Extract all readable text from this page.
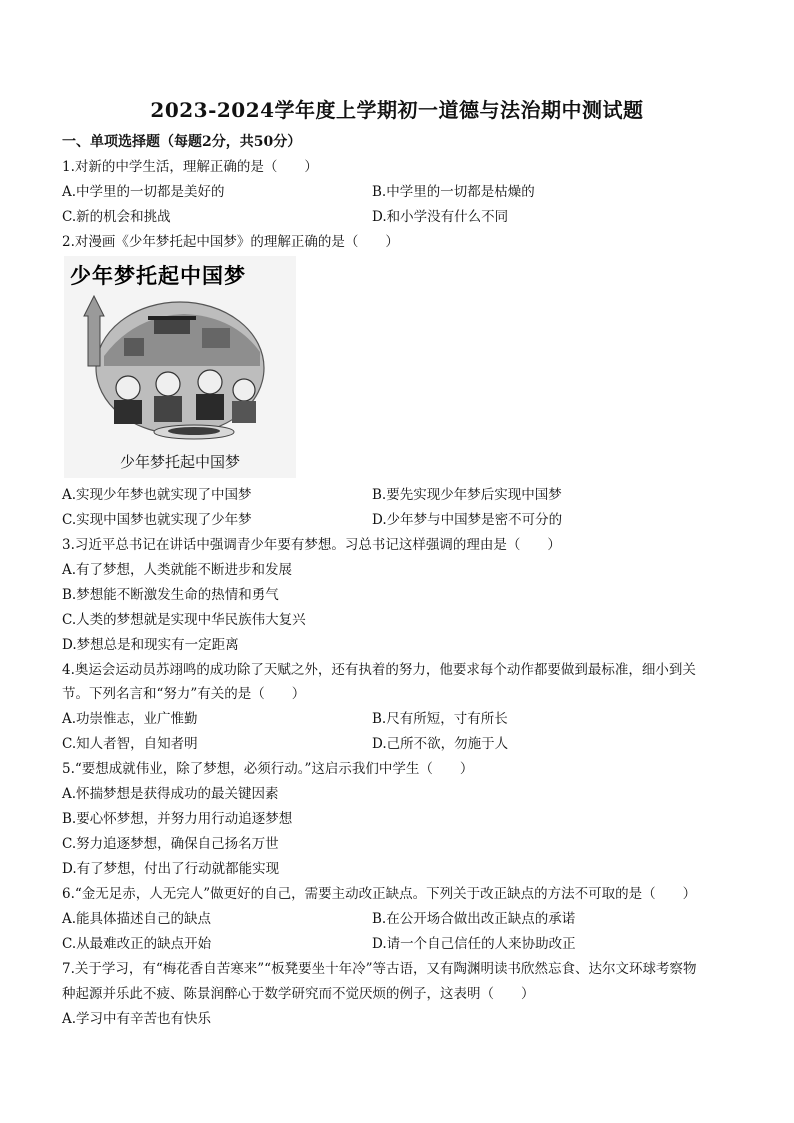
2023-2024学年度上学期初一道德与法治期中测试题
一、单项选择题（每题2分，共50分）
1.对新的中学生活，理解正确的是（　　）
A.中学里的一切都是美好的	B.中学里的一切都是枯燥的
C.新的机会和挑战	D.和小学没有什么不同
2.对漫画《少年梦托起中国梦》的理解正确的是（　　）
少年梦托起中国梦
少年梦托起中国梦
A.实现少年梦也就实现了中国梦	B.要先实现少年梦后实现中国梦
C.实现中国梦也就实现了少年梦	D.少年梦与中国梦是密不可分的
3.习近平总书记在讲话中强调青少年要有梦想。习总书记这样强调的理由是（　　）
A.有了梦想，人类就能不断进步和发展
B.梦想能不断激发生命的热情和勇气
C.人类的梦想就是实现中华民族伟大复兴
D.梦想总是和现实有一定距离
4.奥运会运动员苏翊鸣的成功除了天赋之外，还有执着的努力，他要求每个动作都要做到最标准，细小到关
节。下列名言和“努力”有关的是（　　）
A.功崇惟志，业广惟勤	B.尺有所短，寸有所长
C.知人者智，自知者明	D.己所不欲，勿施于人
5.“要想成就伟业，除了梦想，必须行动。”这启示我们中学生（　　）
A.怀揣梦想是获得成功的最关键因素
B.要心怀梦想，并努力用行动追逐梦想
C.努力追逐梦想，确保自己扬名万世
D.有了梦想，付出了行动就都能实现
6.“金无足赤，人无完人”做更好的自己，需要主动改正缺点。下列关于改正缺点的方法不可取的是（　　）
A.能具体描述自己的缺点	B.在公开场合做出改正缺点的承诺
C.从最难改正的缺点开始	D.请一个自己信任的人来协助改正
7.关于学习，有“梅花香自苦寒来”“板凳要坐十年冷”等古语，又有陶渊明读书欣然忘食、达尔文环球考察物
种起源并乐此不疲、陈景润醉心于数学研究而不觉厌烦的例子，这表明（　　）
A.学习中有辛苦也有快乐
